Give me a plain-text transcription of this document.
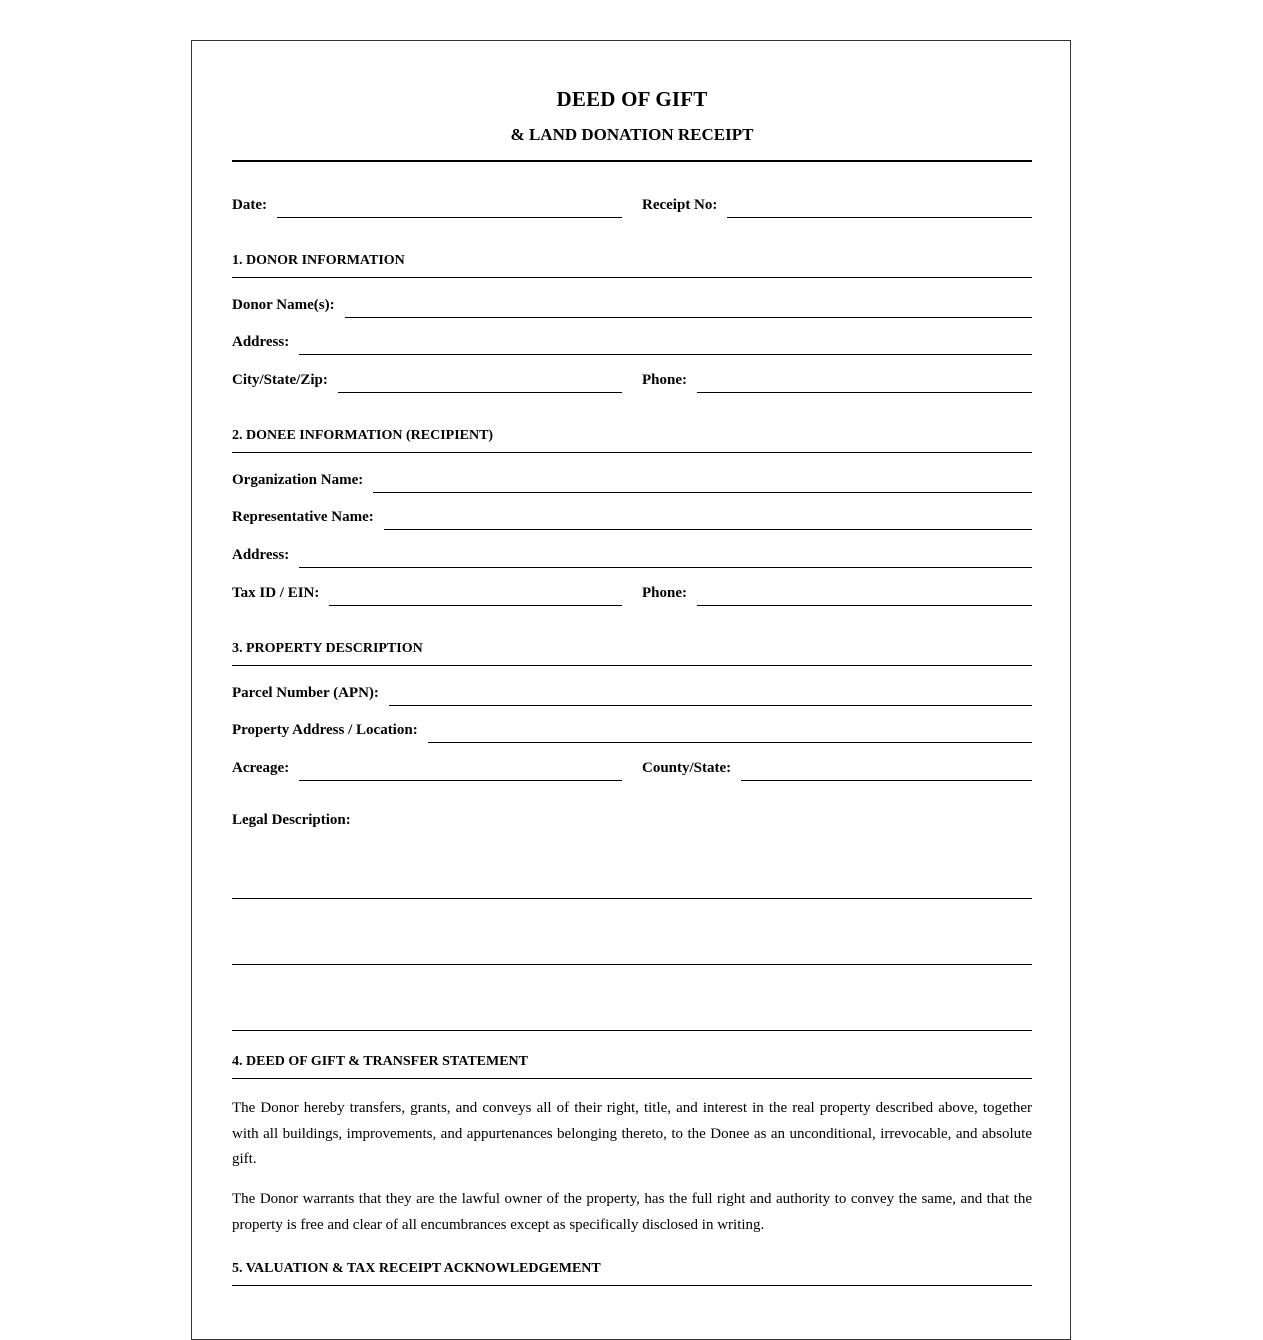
DEED OF GIFT
& LAND DONATION RECEIPT
Date:	Receipt No:
1. DONOR INFORMATION
Donor Name(s):
Address:
City/State/Zip:	Phone:
2. DONEE INFORMATION (RECIPIENT)
Organization Name:
Representative Name:
Address:
Tax ID / EIN:	Phone:
3. PROPERTY DESCRIPTION
Parcel Number (APN):
Property Address / Location:
Acreage:	County/State:
Legal Description:
4. DEED OF GIFT & TRANSFER STATEMENT
The Donor hereby transfers, grants, and conveys all of their right, title, and interest in the real property described above, together with all buildings, improvements, and appurtenances belonging thereto, to the Donee as an unconditional, irrevocable, and absolute gift.
The Donor warrants that they are the lawful owner of the property, has the full right and authority to convey the same, and that the property is free and clear of all encumbrances except as specifically disclosed in writing.
5. VALUATION & TAX RECEIPT ACKNOWLEDGEMENT
